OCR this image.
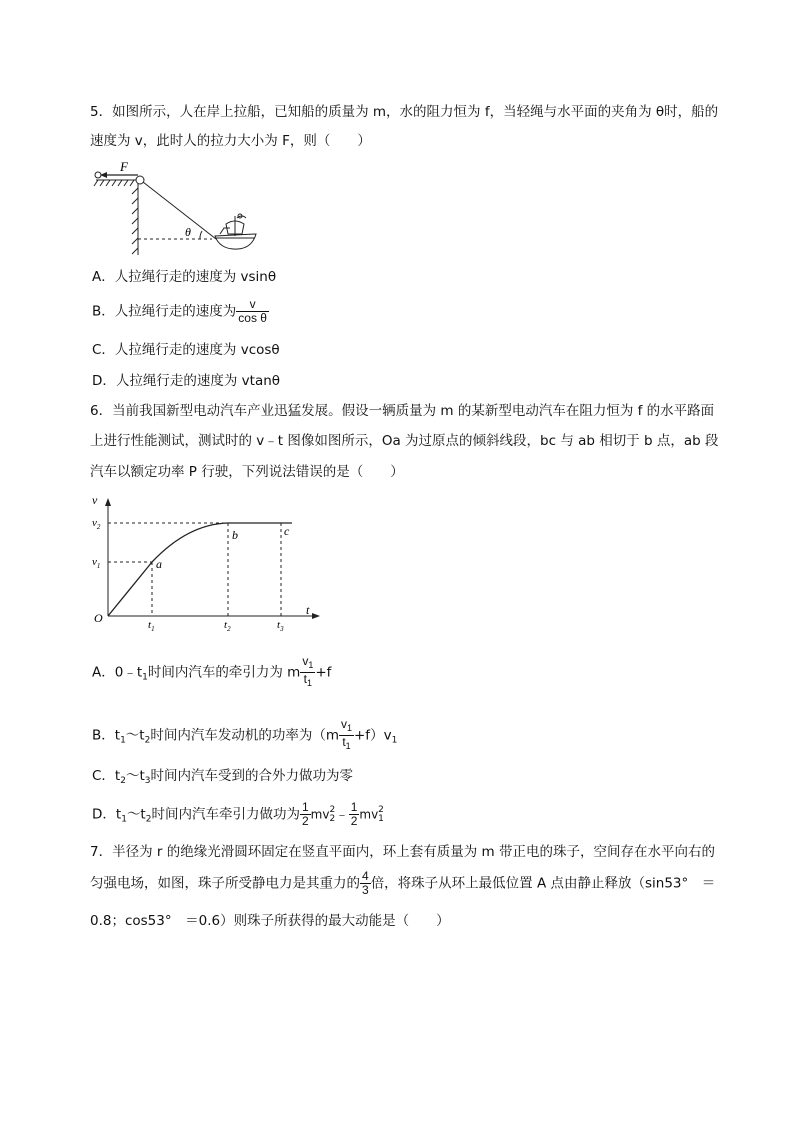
5．如图所示，人在岸上拉船，已知船的质量为 m，水的阻力恒为 f，当轻绳与水平面的夹角为 θ时，船的
速度为 v，此时人的拉力大小为 F，则（　　）
F
θ
A．人拉绳行走的速度为 vsinθ
B．人拉绳行走的速度为 $\frac{v}{\text{cos θ}}$
C．人拉绳行走的速度为 vcosθ
D．人拉绳行走的速度为 vtanθ
6．当前我国新型电动汽车产业迅猛发展。假设一辆质量为 m 的某新型电动汽车在阻力恒为 f 的水平路面
上进行性能测试，测试时的 v﹣t 图像如图所示，Oa 为过原点的倾斜线段，bc 与 ab 相切于 b 点，ab 段
汽车以额定功率 P 行驶，下列说法错误的是（　　）
v
t
O
$v_2$
$v_1$
$t_1$	$t_2$	$t_3$
a
b	c
A．$0﹣t_1$时间内汽车的牵引力为 m $\frac{v_1}{t_1} +f$
B．$t_1\sim t_2$时间内汽车发动机的功率为$(m \frac{v_1}{t_1} +f)v_1$
C．$t_2\sim t_3$时间内汽车受到的合外力做功为零
D．$t_1\sim t_2$时间内汽车牵引力做功为 $\frac{1}{2}$ mv 2
2 ﹣ $\frac{1}{2}$ mv 2
1
7．半径为 r 的绝缘光滑圆环固定在竖直平面内，环上套有质量为 m 带正电的珠子，空间存在水平向右的
匀强电场，如图，珠子所受静电力是其重力的 $\frac{4}{3}$ 倍，将珠子从环上最低位置 A 点由静止释放（sin53°　＝
0.8；cos53°　＝0.6）则珠子所获得的最大动能是（　　）
